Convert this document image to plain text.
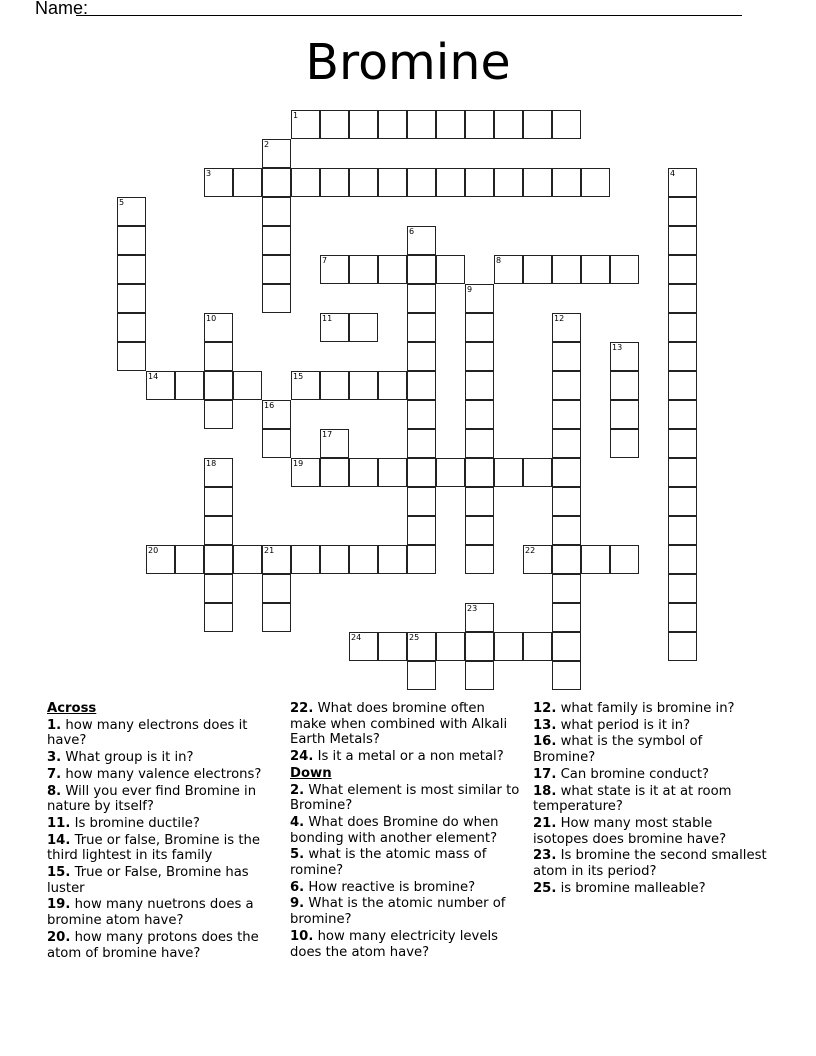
Name:
Bromine
1
2
3	4
5
6
7	8
9
10	11	12
13
14	15
16
17
18	19
20	21	22
23
24	25
Across
1. how many electrons does it have?
3. What group is it in?
7. how many valence electrons?
8. Will you ever find Bromine in nature by itself?
11. Is bromine ductile?
14. True or false, Bromine is the third lightest in its family
15. True or False, Bromine has luster
19. how many nuetrons does a bromine atom have?
20. how many protons does the atom of bromine have?
22. What does bromine often make when combined with Alkali Earth Metals?
24. Is it a metal or a non metal?
Down
2. What element is most similar to Bromine?
4. What does Bromine do when bonding with another element?
5. what is the atomic mass of romine?
6. How reactive is bromine?
9. What is the atomic number of bromine?
10. how many electricity levels does the atom have?
12. what family is bromine in?
13. what period is it in?
16. what is the symbol of Bromine?
17. Can bromine conduct?
18. what state is it at at room temperature?
21. How many most stable isotopes does bromine have?
23. Is bromine the second smallest atom in its period?
25. is bromine malleable?
